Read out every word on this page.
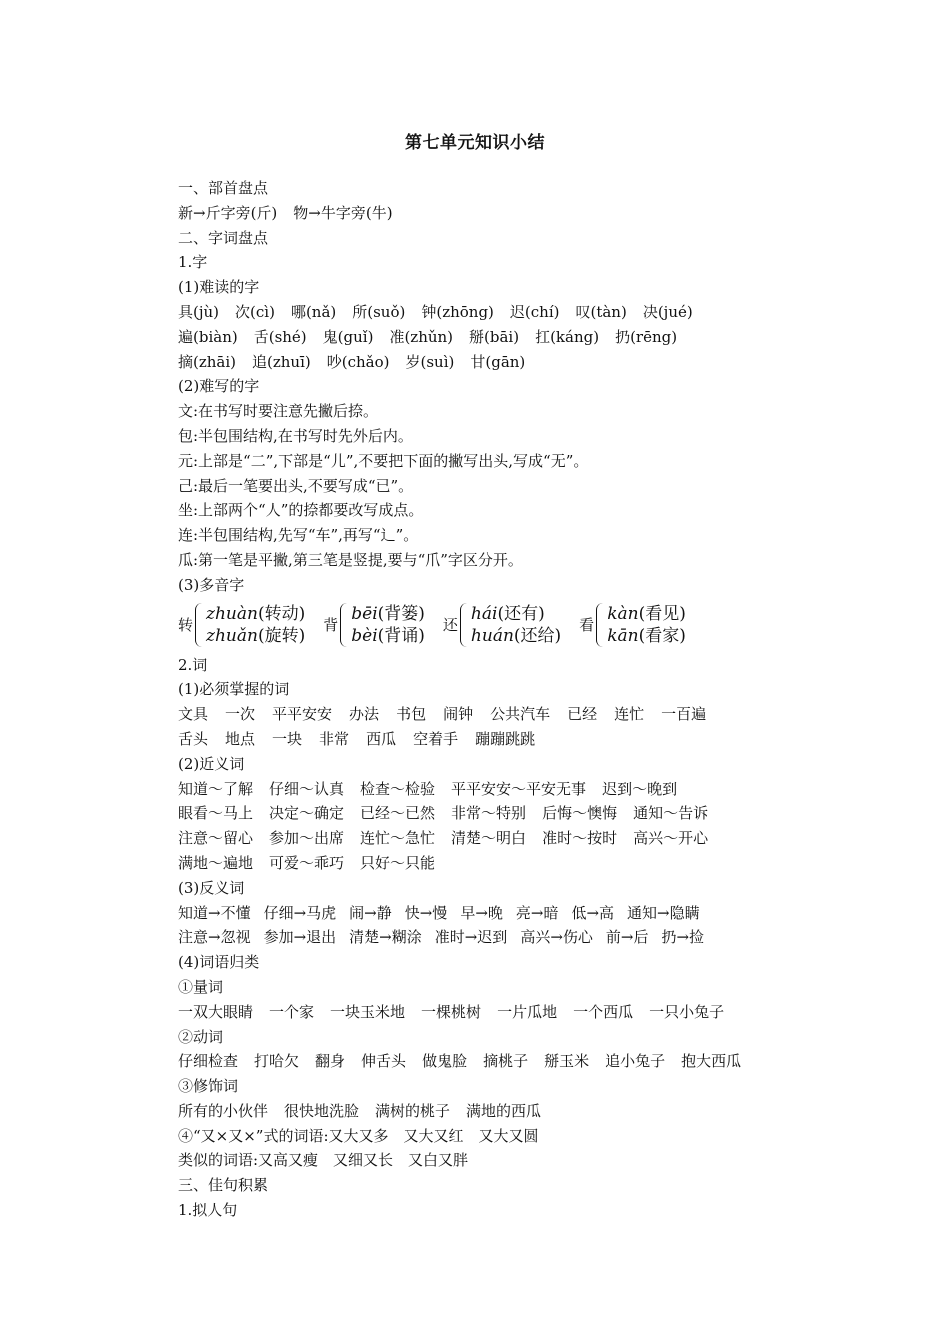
第七单元知识小结
一、部首盘点
新→斤字旁(斤) 物→牛字旁(牛)
二、字词盘点
1.字
(1)难读的字
具(jù) 次(cì) 哪(nǎ) 所(suǒ) 钟(zhōng) 迟(chí) 叹(tàn) 决(jué)
遍(biàn) 舌(shé) 鬼(guǐ) 准(zhǔn) 掰(bāi) 扛(káng) 扔(rēng)
摘(zhāi) 追(zhuī) 吵(chǎo) 岁(suì) 甘(gān)
(2)难写的字
文:在书写时要注意先撇后捺。
包:半包围结构,在书写时先外后内。
元:上部是“二”,下部是“儿”,不要把下面的撇写出头,写成“无”。
己:最后一笔要出头,不要写成“已”。
坐:上部两个“人”的捺都要改写成点。
连:半包围结构,先写“车”,再写“辶”。
瓜:第一笔是平撇,第三笔是竖提,要与“爪”字区分开。
(3)多音字
转
zhuàn(转动)
zhuǎn(旋转)
背
bēi(背篓)
bèi(背诵)
还
hái(还有)
huán(还给)
看
kàn(看见)
kān(看家)
2.词
(1)必须掌握的词
文具 一次 平平安安 办法 书包 闹钟 公共汽车 已经 连忙 一百遍
舌头 地点 一块 非常 西瓜 空着手 蹦蹦跳跳
(2)近义词
知道～了解 仔细～认真 检查～检验 平平安安～平安无事 迟到～晚到
眼看～马上 决定～确定 已经～已然 非常～特别 后悔～懊悔 通知～告诉
注意～留心 参加～出席 连忙～急忙 清楚～明白 准时～按时 高兴～开心
满地～遍地 可爱～乖巧 只好～只能
(3)反义词
知道→不懂 仔细→马虎 闹→静 快→慢 早→晚 亮→暗 低→高 通知→隐瞒
注意→忽视 参加→退出 清楚→糊涂 准时→迟到 高兴→伤心 前→后 扔→捡
(4)词语归类
①量词
一双大眼睛 一个家 一块玉米地 一棵桃树 一片瓜地 一个西瓜 一只小兔子
②动词
仔细检查 打哈欠 翻身 伸舌头 做鬼脸 摘桃子 掰玉米 追小兔子 抱大西瓜
③修饰词
所有的小伙伴 很快地洗脸 满树的桃子 满地的西瓜
④“又×又×”式的词语:又大又多　又大又红　又大又圆
类似的词语:又高又瘦　又细又长　又白又胖
三、佳句积累
1.拟人句
